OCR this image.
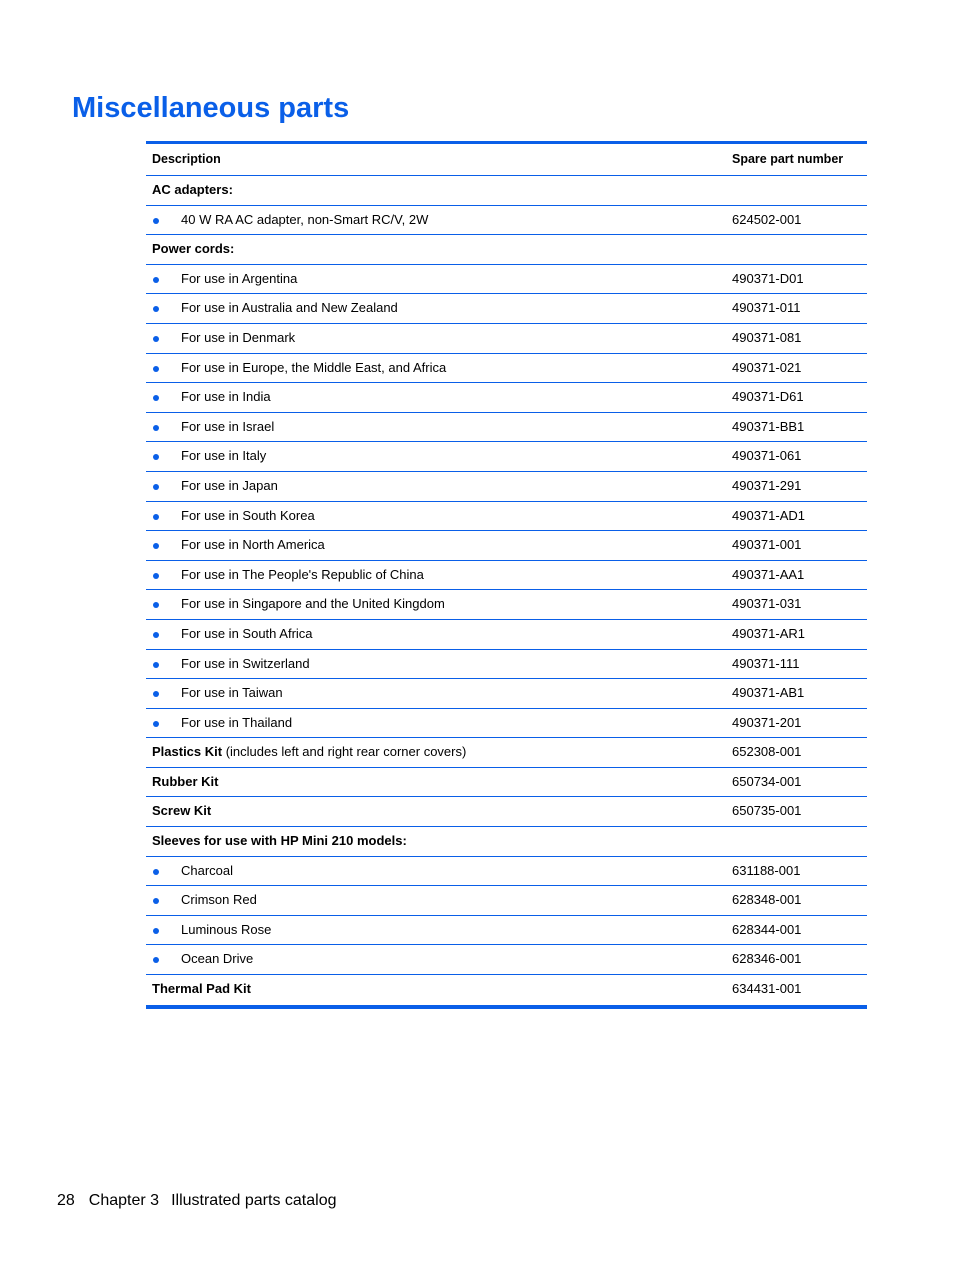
Miscellaneous parts
Description	Spare part number
AC adapters:
40 W RA AC adapter, non-Smart RC/V, 2W	624502-001
Power cords:
For use in Argentina	490371-D01
For use in Australia and New Zealand	490371-011
For use in Denmark	490371-081
For use in Europe, the Middle East, and Africa	490371-021
For use in India	490371-D61
For use in Israel	490371-BB1
For use in Italy	490371-061
For use in Japan	490371-291
For use in South Korea	490371-AD1
For use in North America	490371-001
For use in The People's Republic of China	490371-AA1
For use in Singapore and the United Kingdom	490371-031
For use in South Africa	490371-AR1
For use in Switzerland	490371-111
For use in Taiwan	490371-AB1
For use in Thailand	490371-201
Plastics Kit (includes left and right rear corner covers)	652308-001
Rubber Kit	650734-001
Screw Kit	650735-001
Sleeves for use with HP Mini 210 models:
Charcoal	631188-001
Crimson Red	628348-001
Luminous Rose	628344-001
Ocean Drive	628346-001
Thermal Pad Kit	634431-001
28 Chapter 3 Illustrated parts catalog
